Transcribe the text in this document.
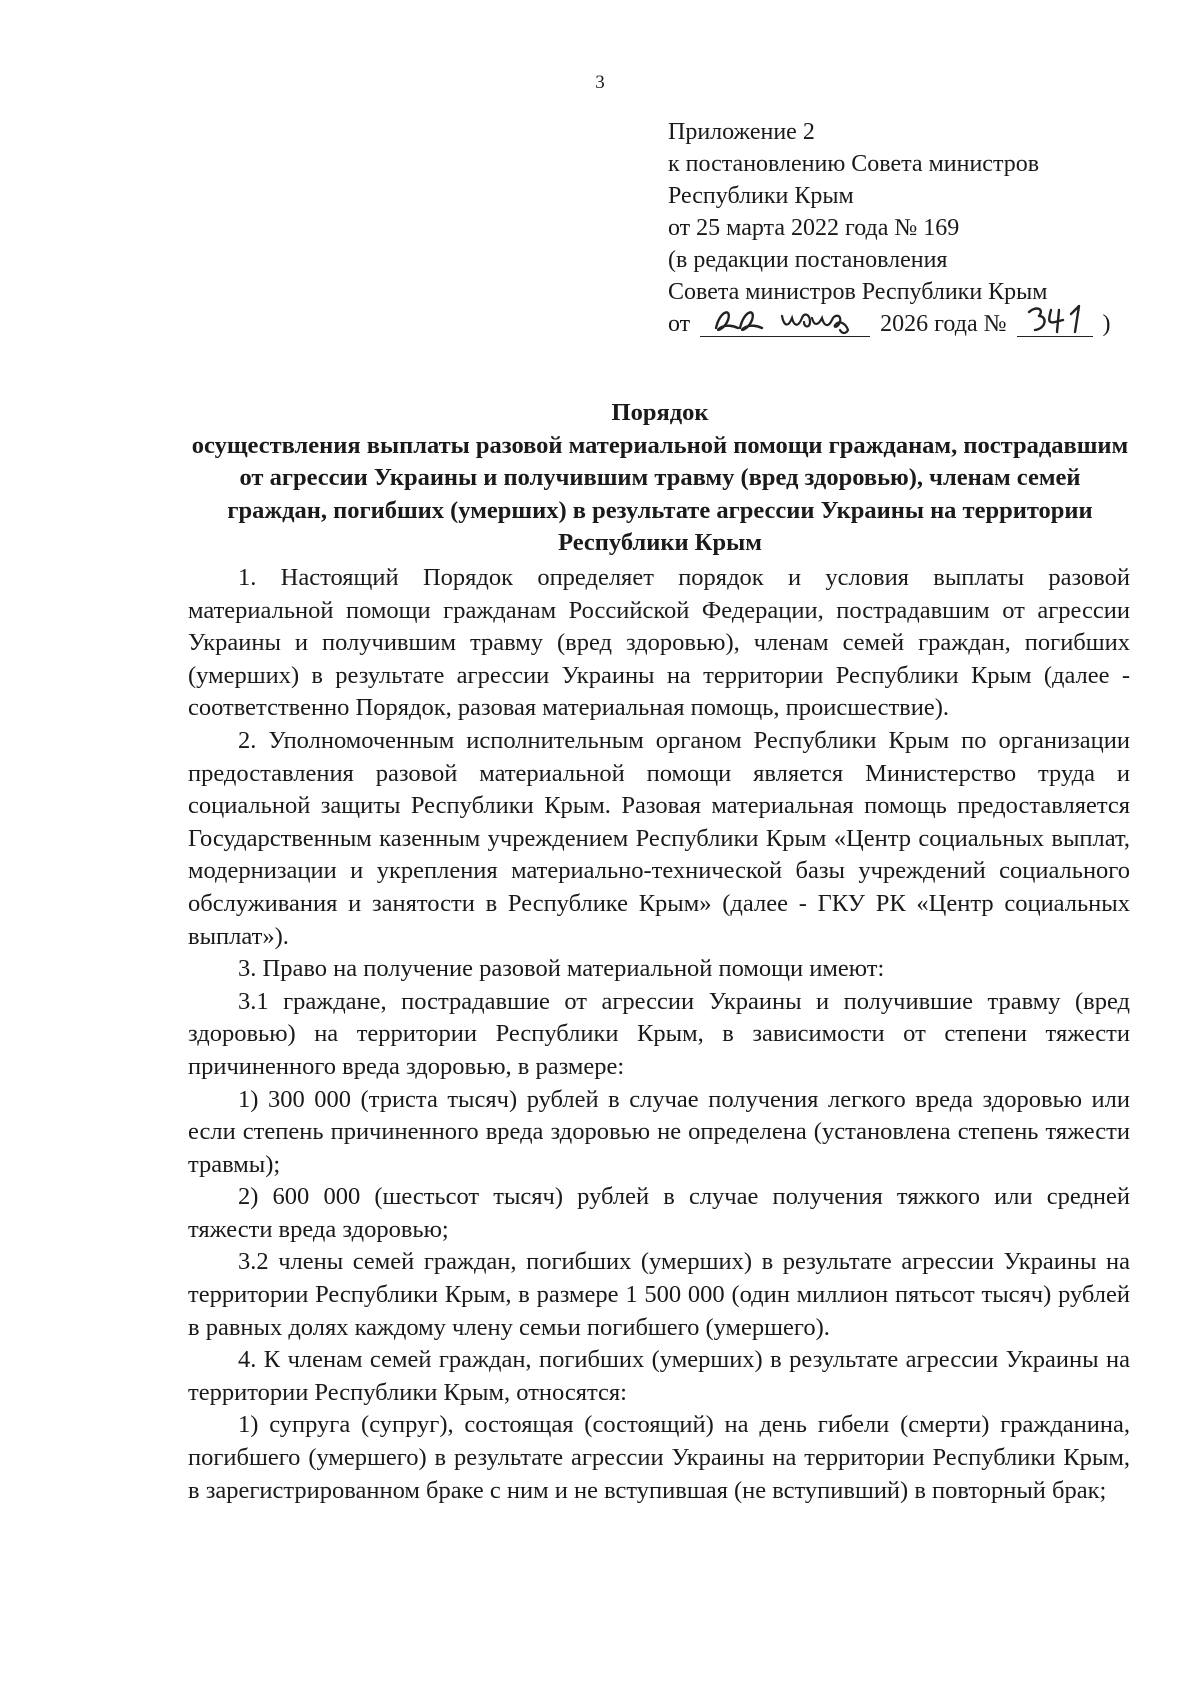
3
Приложение 2
к постановлению Совета министров
Республики Крым
от 25 марта 2022 года № 169
(в редакции постановления
Совета министров Республики Крым
от	2026 года №	)
Порядок
осуществления выплаты разовой материальной помощи гражданам, пострадавшим от агрессии Украины и получившим травму (вред здоровью), членам семей граждан, погибших (умерших) в результате агрессии Украины на территории Республики Крым

1. Настоящий Порядок определяет порядок и условия выплаты разовой материальной помощи гражданам Российской Федерации, пострадавшим от агрессии Украины и получившим травму (вред здоровью), членам семей граждан, погибших (умерших) в результате агрессии Украины на территории Республики Крым (далее - соответственно Порядок, разовая материальная помощь, происшествие).

2. Уполномоченным исполнительным органом Республики Крым по организации предоставления разовой материальной помощи является Министерство труда и социальной защиты Республики Крым. Разовая материальная помощь предоставляется Государственным казенным учреждением Республики Крым «Центр социальных выплат, модернизации и укрепления материально-технической базы учреждений социального обслуживания и занятости в Республике Крым» (далее - ГКУ РК «Центр социальных выплат»).

3. Право на получение разовой материальной помощи имеют:

3.1 граждане, пострадавшие от агрессии Украины и получившие травму (вред здоровью) на территории Республики Крым, в зависимости от степени тяжести причиненного вреда здоровью, в размере:

1) 300 000 (триста тысяч) рублей в случае получения легкого вреда здоровью или если степень причиненного вреда здоровью не определена (установлена степень тяжести травмы);

2) 600 000 (шестьсот тысяч) рублей в случае получения тяжкого или средней тяжести вреда здоровью;

3.2 члены семей граждан, погибших (умерших) в результате агрессии Украины на территории Республики Крым, в размере 1 500 000 (один миллион пятьсот тысяч) рублей в равных долях каждому члену семьи погибшего (умершего).

4. К членам семей граждан, погибших (умерших) в результате агрессии Украины на территории Республики Крым, относятся:

1) супруга (супруг), состоящая (состоящий) на день гибели (смерти) гражданина, погибшего (умершего) в результате агрессии Украины на территории Республики Крым, в зарегистрированном браке с ним и не вступившая (не вступивший) в повторный брак;
